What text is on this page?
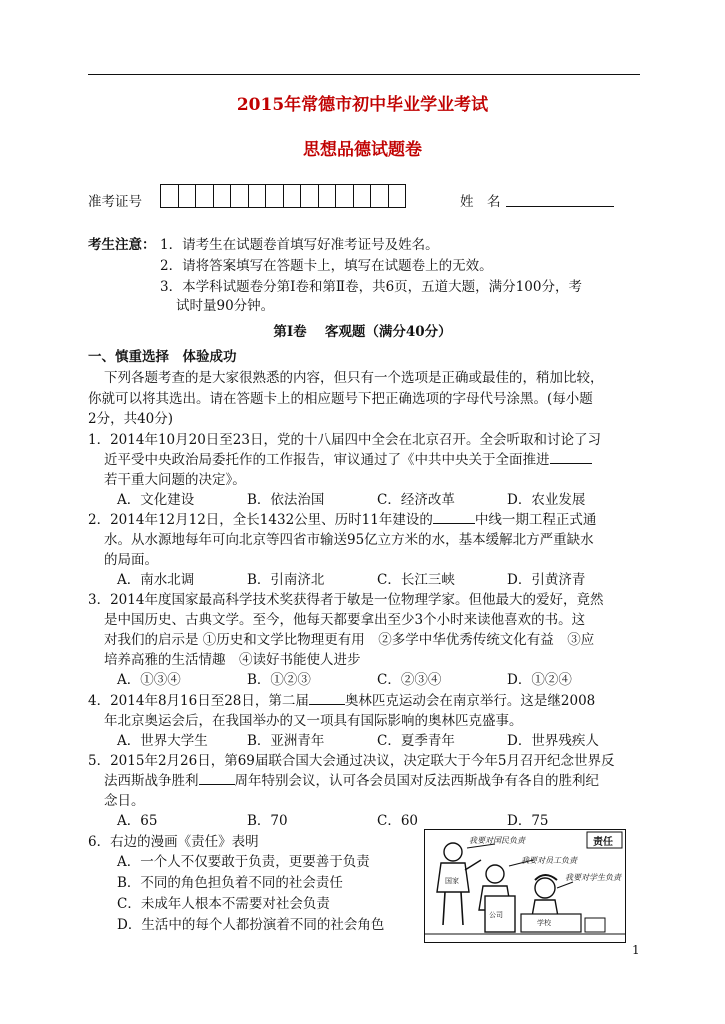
2015年常德市初中毕业学业考试
思想品德试题卷
准考证号	姓　名
考生注意： 1．请考生在试题卷首填写好准考证号及姓名。
2．请将答案填写在答题卡上，填写在试题卷上的无效。
3．本学科试题卷分第Ⅰ卷和第Ⅱ卷，共6页，五道大题，满分100分，考
试时量90分钟。
第Ⅰ卷　 客观题（满分40分）
一、慎重选择　体验成功
下列各题考查的是大家很熟悉的内容，但只有一个选项是正确或最佳的，稍加比较，
你就可以将其选出。请在答题卡上的相应题号下把正确选项的字母代号涂黑。(每小题
2分，共40分)
1．2014年10月20日至23日，党的十八届四中全会在北京召开。全会听取和讨论了习
近平受中央政治局委托作的工作报告，审议通过了《中共中央关于全面推进
若干重大问题的决定》。
A．文化建设	B．依法治国	C．经济改革	D．农业发展
2．2014年12月12日，全长1432公里、历时11年建设的	中线一期工程正式通
水。从水源地每年可向北京等四省市输送95亿立方米的水，基本缓解北方严重缺水
的局面。
A．南水北调	B．引南济北	C．长江三峡	D．引黄济青
3．2014年度国家最高科学技术奖获得者于敏是一位物理学家。但他最大的爱好，竟然
是中国历史、古典文学。至今，他每天都要拿出至少3个小时来读他喜欢的书。这
对我们的启示是 ①历史和文学比物理更有用　②多学中华优秀传统文化有益　③应
培养高雅的生活情趣　④读好书能使人进步
A．①③④	B．①②③	C．②③④	D．①②④
4．2014年8月16日至28日，第二届	奥林匹克运动会在南京举行。这是继2008
年北京奥运会后，在我国举办的又一项具有国际影响的奥林匹克盛事。
A．世界大学生	B．亚洲青年	C．夏季青年	D．世界残疾人
5．2015年2月26日，第69届联合国大会通过决议，决定联大于今年5月召开纪念世界反
法西斯战争胜利	周年特别会议，认可各会员国对反法西斯战争有各自的胜利纪
念日。
A．65	B．70	C．60	D．75
6．右边的漫画《责任》表明
A．一个人不仅要敢于负责，更要善于负责
B．不同的角色担负着不同的社会责任
C．未成年人根本不需要对社会负责
D．生活中的每个人都扮演着不同的社会角色
责任
我要对国民负责
我要对员工负责
我要对学生负责
国家
公司
学校
1
